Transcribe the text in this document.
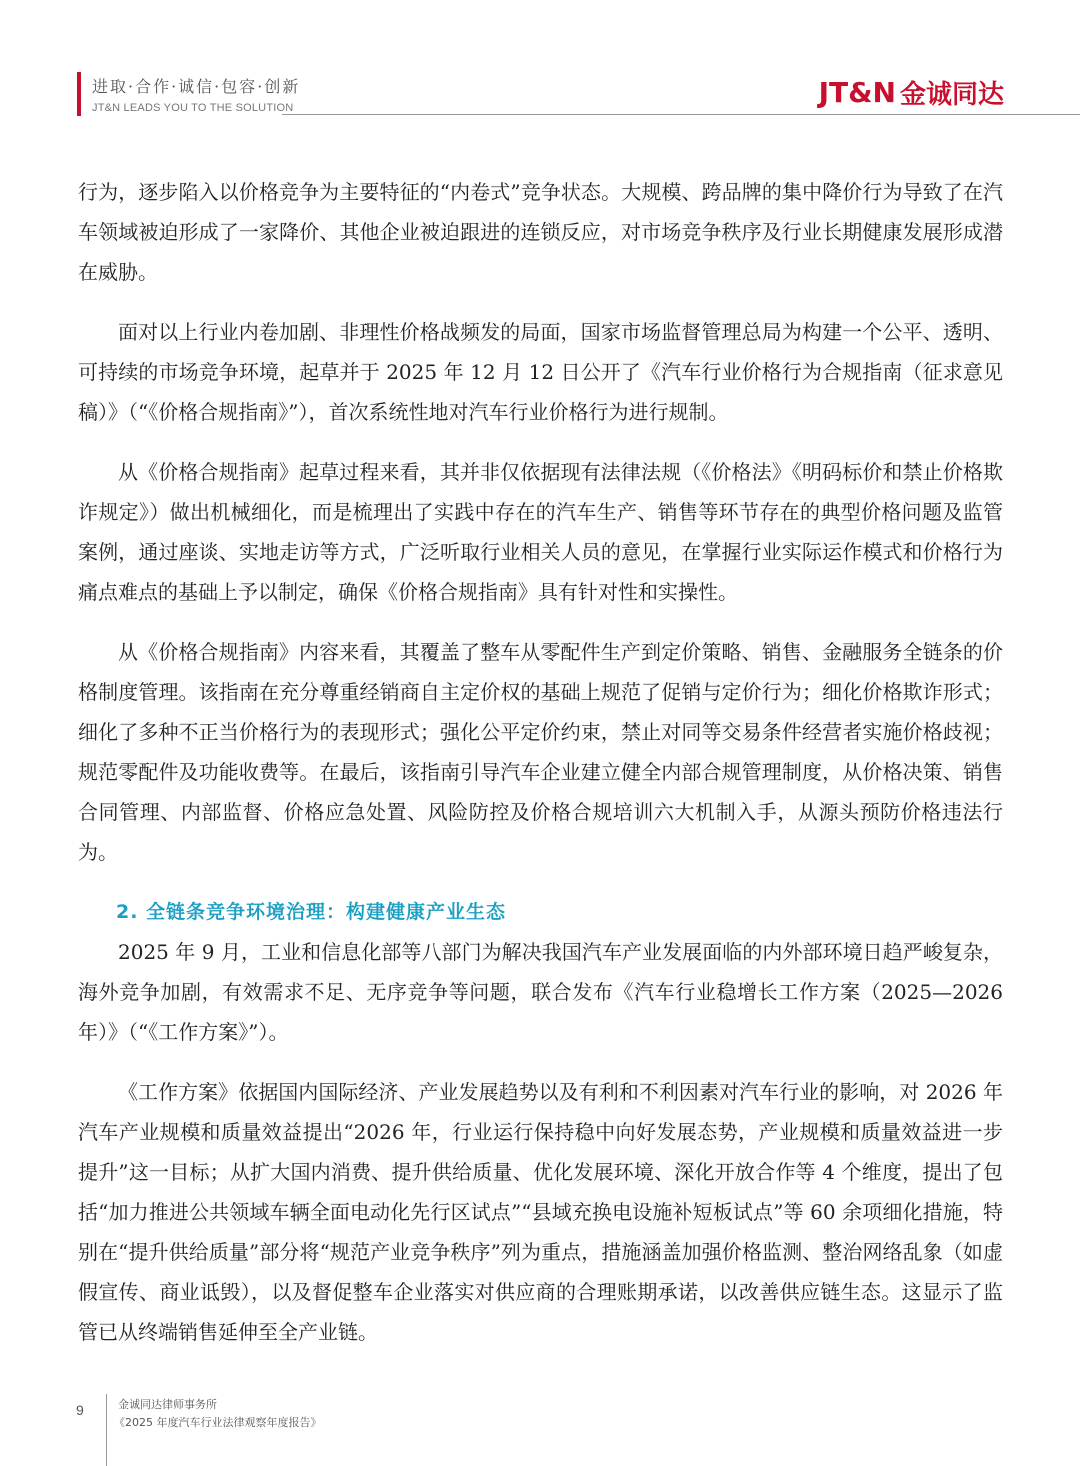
进取·合作·诚信·包容·创新
JT&N LEADS YOU TO THE SOLUTION	JT&N 金诚同达

行为，逐步陷入以价格竞争为主要特征的“内卷式”竞争状态。大规模、跨品牌的集中降价行为导致了在汽车领域被迫形成了一家降价、其他企业被迫跟进的连锁反应，对市场竞争秩序及行业长期健康发展形成潜在威胁。

面对以上行业内卷加剧、非理性价格战频发的局面，国家市场监督管理总局为构建一个公平、透明、可持续的市场竞争环境，起草并于 2025 年 12 月 12 日公开了《汽车行业价格行为合规指南（征求意见稿）》（“《价格合规指南》”），首次系统性地对汽车行业价格行为进行规制。

从《价格合规指南》起草过程来看，其并非仅依据现有法律法规（《价格法》《明码标价和禁止价格欺诈规定》）做出机械细化，而是梳理出了实践中存在的汽车生产、销售等环节存在的典型价格问题及监管案例，通过座谈、实地走访等方式，广泛听取行业相关人员的意见，在掌握行业实际运作模式和价格行为痛点难点的基础上予以制定，确保《价格合规指南》具有针对性和实操性。

从《价格合规指南》内容来看，其覆盖了整车从零配件生产到定价策略、销售、金融服务全链条的价格制度管理。该指南在充分尊重经销商自主定价权的基础上规范了促销与定价行为；细化价格欺诈形式；细化了多种不正当价格行为的表现形式；强化公平定价约束，禁止对同等交易条件经营者实施价格歧视；规范零配件及功能收费等。在最后，该指南引导汽车企业建立健全内部合规管理制度，从价格决策、销售合同管理、内部监督、价格应急处置、风险防控及价格合规培训六大机制入手，从源头预防价格违法行为。

2. 全链条竞争环境治理：构建健康产业生态

2025 年 9 月，工业和信息化部等八部门为解决我国汽车产业发展面临的内外部环境日趋严峻复杂，海外竞争加剧，有效需求不足、无序竞争等问题，联合发布《汽车行业稳增长工作方案（2025—2026 年）》（“《工作方案》”）。

《工作方案》依据国内国际经济、产业发展趋势以及有利和不利因素对汽车行业的影响，对 2026 年汽车产业规模和质量效益提出“2026 年，行业运行保持稳中向好发展态势，产业规模和质量效益进一步提升”这一目标；从扩大国内消费、提升供给质量、优化发展环境、深化开放合作等 4 个维度，提出了包括“加力推进公共领域车辆全面电动化先行区试点”“县域充换电设施补短板试点”等 60 余项细化措施，特别在“提升供给质量”部分将“规范产业竞争秩序”列为重点，措施涵盖加强价格监测、整治网络乱象（如虚假宣传、商业诋毁），以及督促整车企业落实对供应商的合理账期承诺，以改善供应链生态。这显示了监管已从终端销售延伸至全产业链。

9	金诚同达律师事务所
《2025 年度汽车行业法律观察年度报告》
